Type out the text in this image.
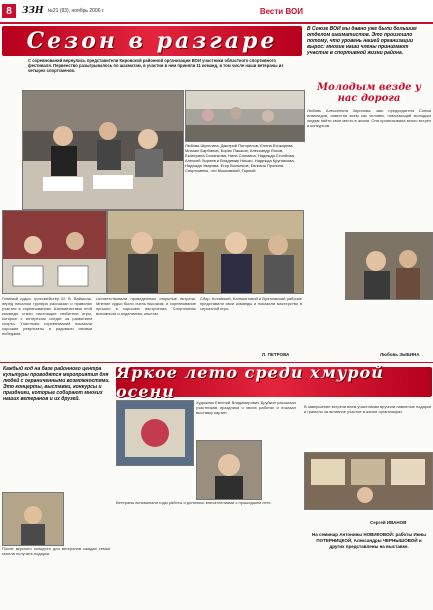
8	ЗЗН №21 (93), ноябрь 2006 г.	Вести ВОИ
Сезон в разгаре
С соревнований вернулись представители Кировской районной организации ВОИ участники областного спортивного фестиваля. Первенство разыгрывалось по шахматам, в участии в нем приняли 11 команд, в том числе наши ветераны из четырех спортсменов.
Любовь Шульгина, Дмитрий Погорелов, Елена Бочкарева, Михаил Барбанов, Борис Пашков, Александр Ляхов, Екатерина Силанкова, Нина Сломина, Надежда Столбова, Алексей Зыриев и Владимир Нишко. Надежда Кругликова, Надежда Уварова, Егор Волынков, Евгения Пронина. Спортсмены, что Московский, Горный
Главный судья, гроссмейстер М. В. Вайшиль, перед началом турнира рассказал о правилах участия в соревнованиях. Шахматистами этой команды стали настоящие любители игры, которые с интересом следят за развитием спорта. Участники соревнований показали хорошие результаты и радовали своими победами.
соответствовали проведенным открытые встречи. Мнение судьи было очень высоким, и соревнование прошло в хорошем настроении. Спортсмены вспомнили и поделились опытом.
Сбор, Котовский, Балмонтовой и Вратковский рабочие представили свои команды и показали мастерство в серьезной игре.
Л. ПЕТРОВА
В Союзе ВОИ мы давно уже были большим отделом шахматистов. Это произошло потому, что уровень нашей организации вырос: многие наши члены принимают участие в спортивной жизни района.
Молодым везде у нас дорога
Любовь Алексеевна Зиринова, зам. председателя Союза инвалидов, известна всем как человек, помогающий молодым людям найти свое место в жизни. Она организовала много встреч и конкурсов.
Любовь ЗЫБИНА
Каждый год на базе районного центра культуры проводятся мероприятия для людей с ограниченными возможностями. Это концерты, выставки, конкурсы и праздники, которые собирают многих наших ветеранов и их друзей.
Яркое лето среди хмурой осени
После вкусного концерта для ветеранов каждая семья смогла получить подарки.
Художник Евгений Владимирович Бруйкин рассказал участникам праздника о своих работах и показал выставку картин.
Ветераны вспоминали годы работы и делились впечатлениями о прошедшем лете.
В завершение встречи всем участникам вручили памятные подарки и грамоты за активное участие в жизни организации.
Сергей ИВАНОВ
На семинар Антонины НОВИКОВОЙ: работы Инны ПОТЕРНИЦКОЙ, Александры ЧЕРНЫШОВОЙ и других представлены на выставке.
